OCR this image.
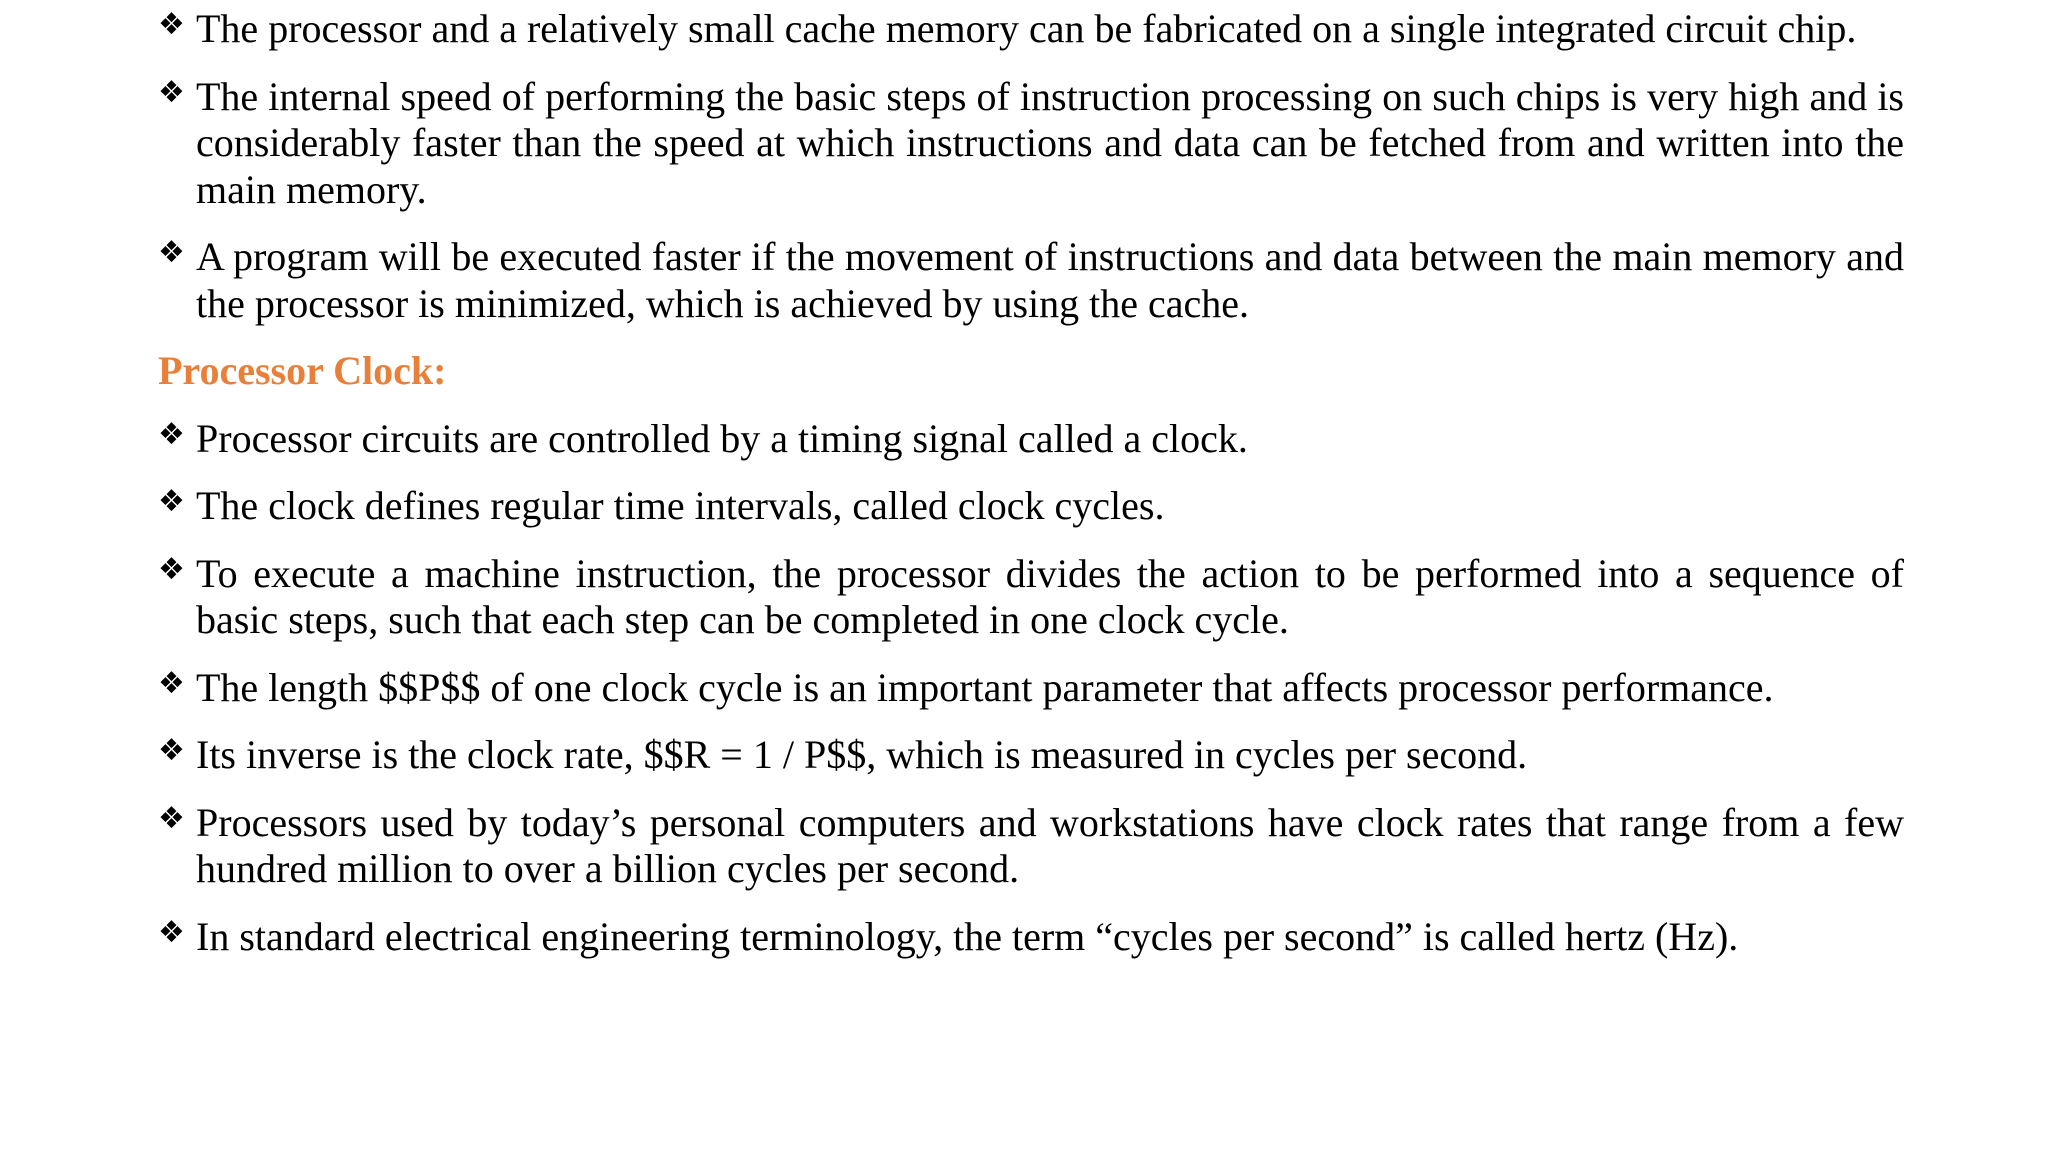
❖ The processor and a relatively small cache memory can be fabricated on a single integrated circuit chip.
❖ The internal speed of performing the basic steps of instruction processing on such chips is very high and is considerably faster than the speed at which instructions and data can be fetched from and written into the main memory.
❖ A program will be executed faster if the movement of instructions and data between the main memory and the processor is minimized, which is achieved by using the cache.
Processor Clock:
❖ Processor circuits are controlled by a timing signal called a clock.
❖ The clock defines regular time intervals, called clock cycles.
❖ To execute a machine instruction, the processor divides the action to be performed into a sequence of basic steps, such that each step can be completed in one clock cycle.
❖ The length $$P$$ of one clock cycle is an important parameter that affects processor performance.
❖ Its inverse is the clock rate, $$R = 1 / P$$, which is measured in cycles per second.
❖ Processors used by today’s personal computers and workstations have clock rates that range from a few hundred million to over a billion cycles per second.
❖ In standard electrical engineering terminology, the term “cycles per second” is called hertz (Hz).
